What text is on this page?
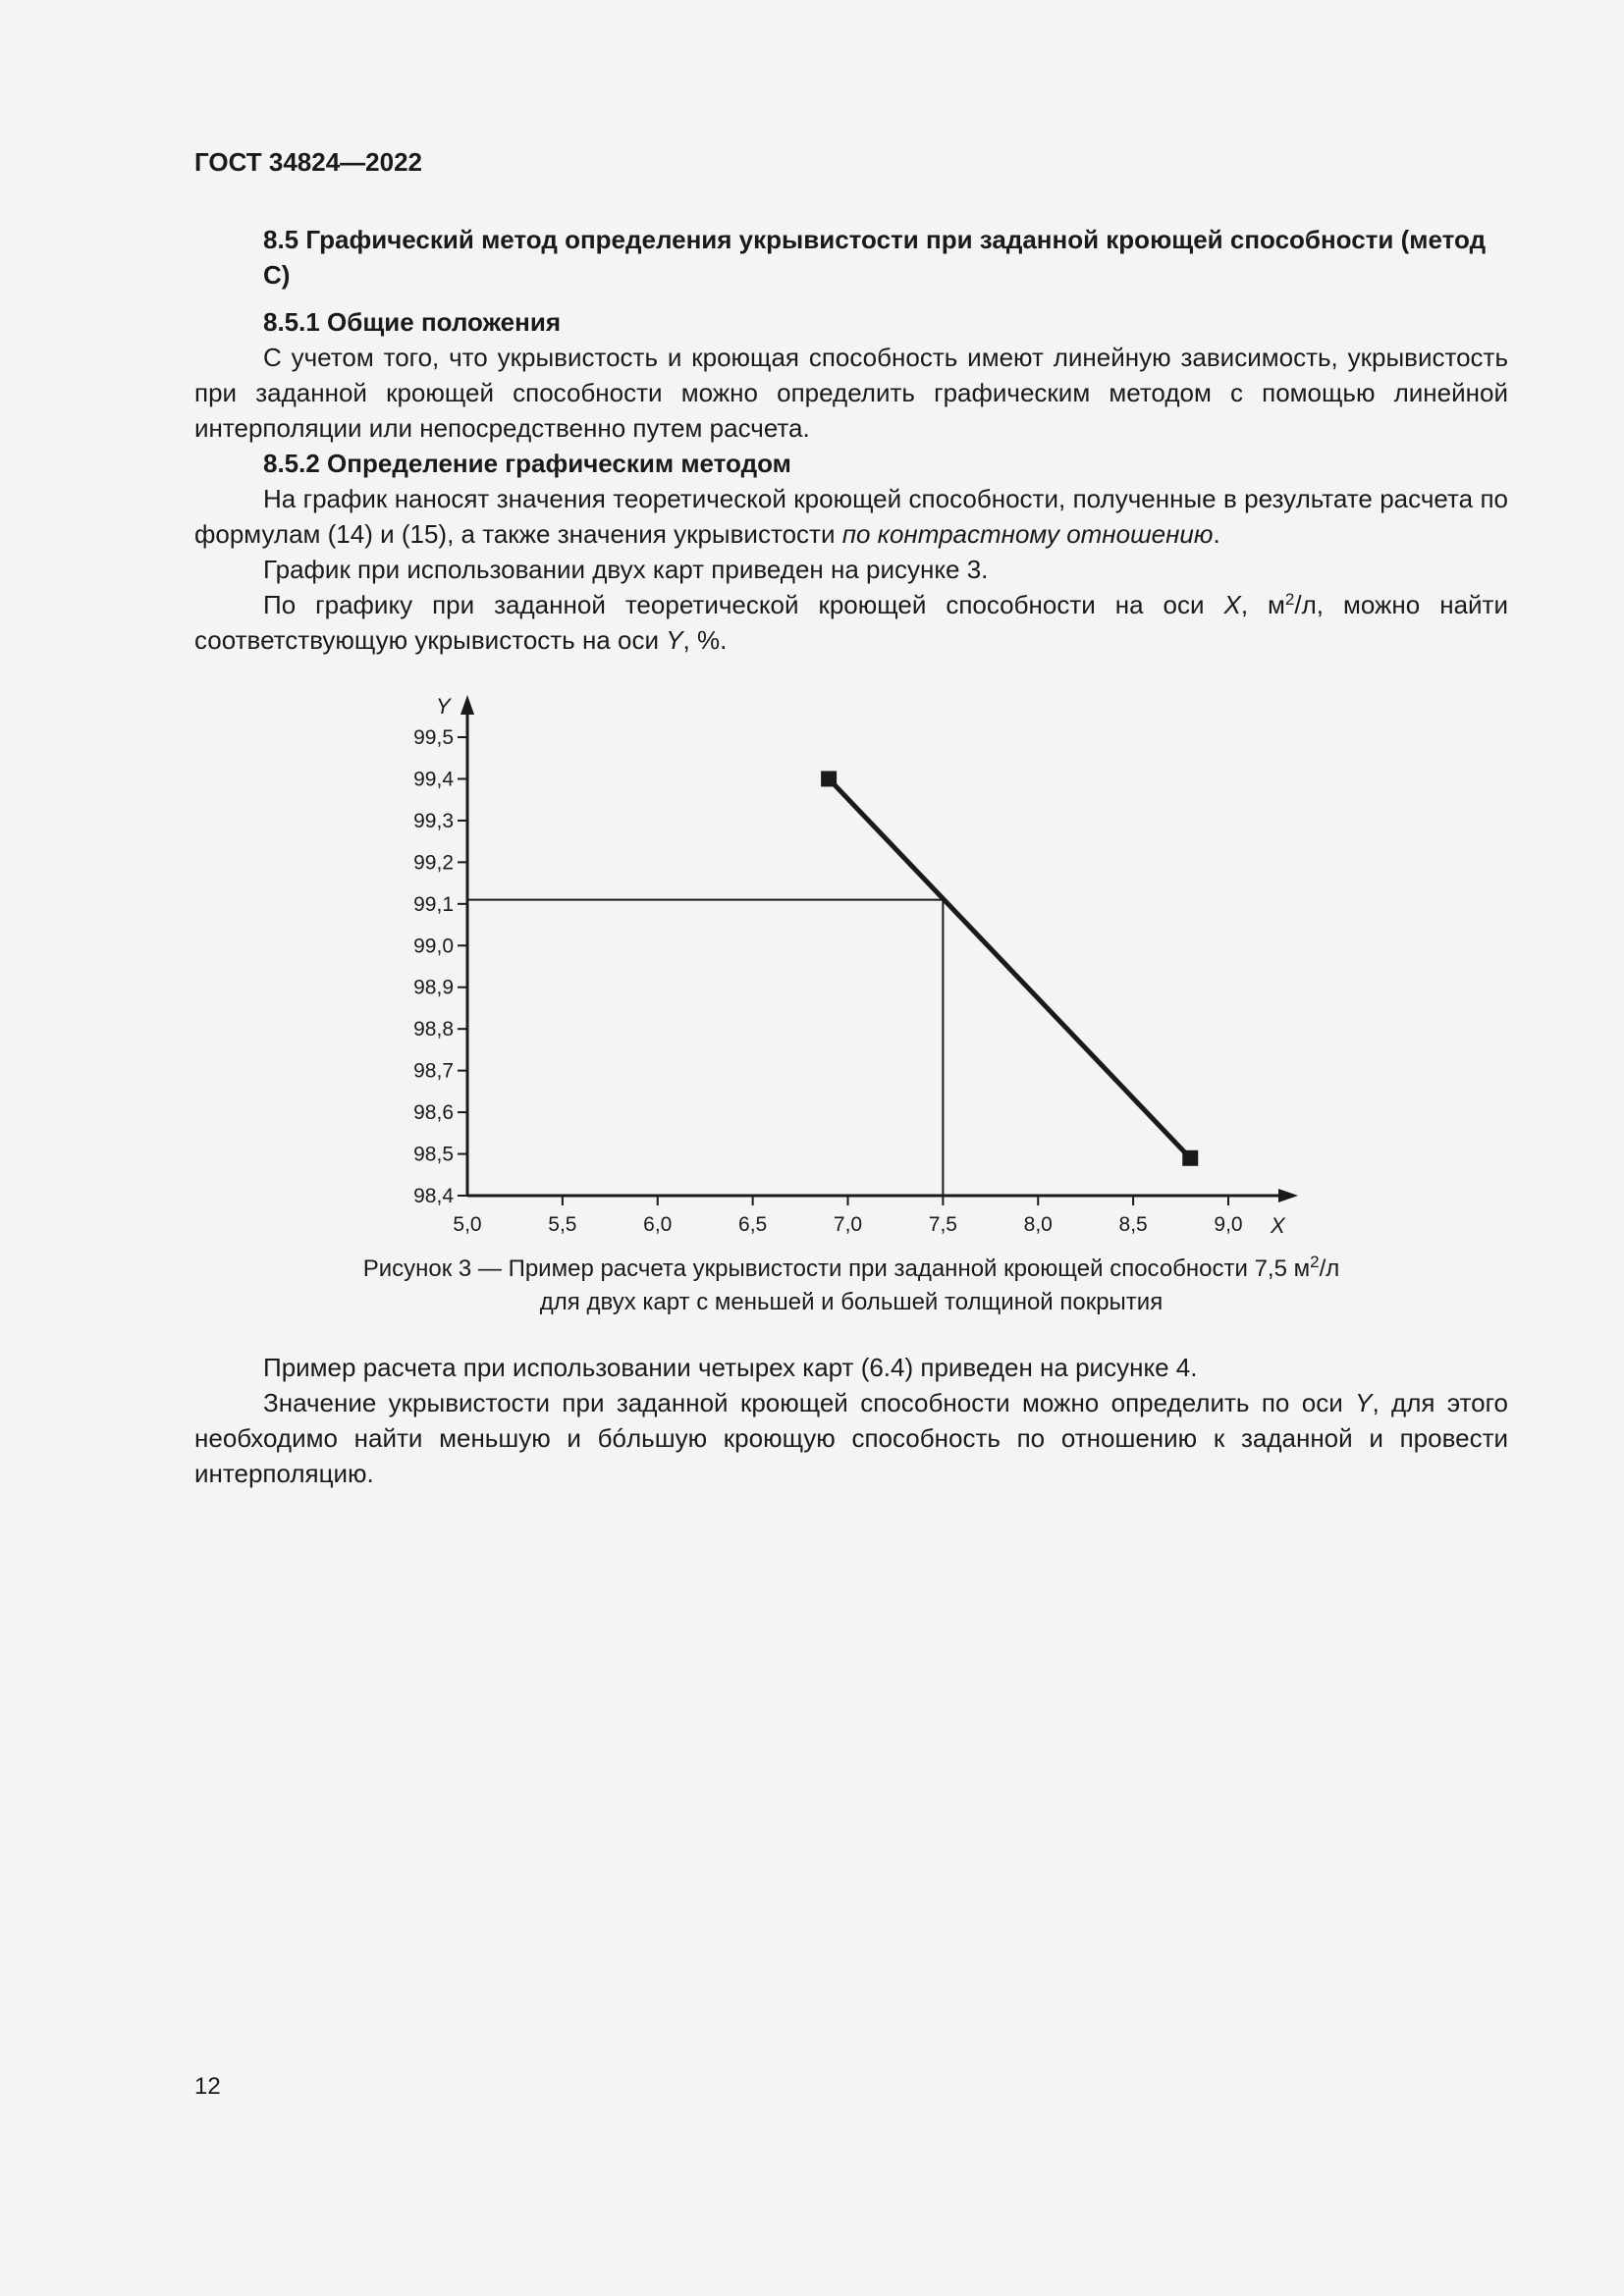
ГОСТ 34824—2022
8.5 Графический метод определения укрывистости при заданной кроющей способности (метод С)
8.5.1 Общие положения

С учетом того, что укрывистость и кроющая способность имеют линейную зависимость, укрывистость при заданной кроющей способности можно определить графическим методом с помощью линейной интерполяции или непосредственно путем расчета.

8.5.2 Определение графическим методом

На график наносят значения теоретической кроющей способности, полученные в результате расчета по формулам (14) и (15), а также значения укрывистости по контрастному отношению.

График при использовании двух карт приведен на рисунке 3.

По графику при заданной теоретической кроющей способности на оси X, $м^2/л$, можно найти соответствующую укрывистость на оси Y, %.

Y
X
98,4
98,5
98,6
98,7
98,8
98,9
99,0
99,1
99,2
99,3
99,4
99,5
5,0	5,5	6,0	6,5	7,0	7,5	8,0	8,5	9,0
Рисунок 3 — Пример расчета укрывистости при заданной кроющей способности 7,5 $м^2/л$
для двух карт с меньшей и большей толщиной покрытия

Пример расчета при использовании четырех карт (6.4) приведен на рисунке 4.

Значение укрывистости при заданной кроющей способности можно определить по оси Y, для этого необходимо найти меньшую и бóльшую кроющую способность по отношению к заданной и провести интерполяцию.

12
